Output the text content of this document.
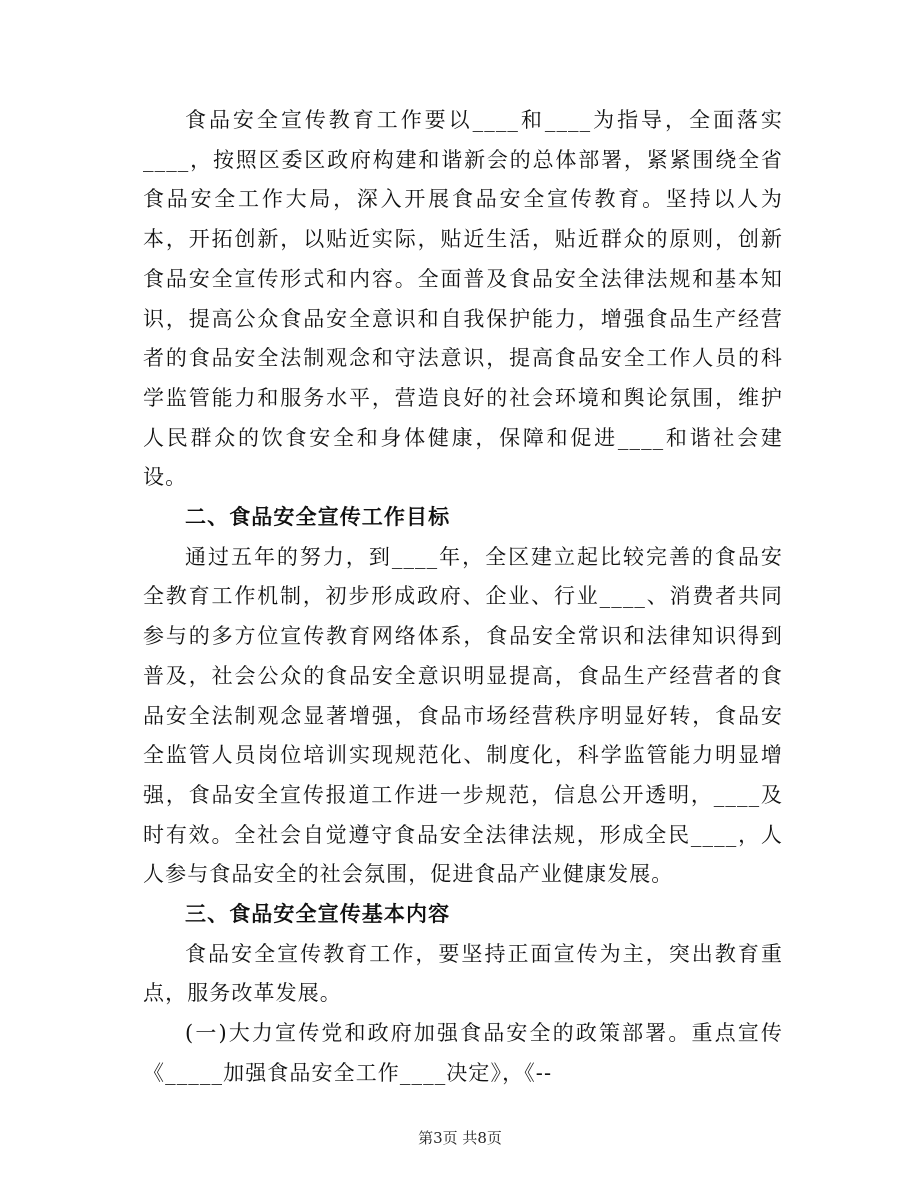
食品安全宣传教育工作要以____和____为指导，全面落实____，按照区委区政府构建和谐新会的总体部署，紧紧围绕全省食品安全工作大局，深入开展食品安全宣传教育。坚持以人为本，开拓创新，以贴近实际，贴近生活，贴近群众的原则，创新食品安全宣传形式和内容。全面普及食品安全法律法规和基本知识，提高公众食品安全意识和自我保护能力，增强食品生产经营者的食品安全法制观念和守法意识，提高食品安全工作人员的科学监管能力和服务水平，营造良好的社会环境和舆论氛围，维护人民群众的饮食安全和身体健康，保障和促进____和谐社会建设。

二、食品安全宣传工作目标

通过五年的努力，到____年，全区建立起比较完善的食品安全教育工作机制，初步形成政府、企业、行业____、消费者共同参与的多方位宣传教育网络体系，食品安全常识和法律知识得到普及，社会公众的食品安全意识明显提高，食品生产经营者的食品安全法制观念显著增强，食品市场经营秩序明显好转，食品安全监管人员岗位培训实现规范化、制度化，科学监管能力明显增强，食品安全宣传报道工作进一步规范，信息公开透明，____及时有效。全社会自觉遵守食品安全法律法规，形成全民____，人人参与食品安全的社会氛围，促进食品产业健康发展。

三、食品安全宣传基本内容

食品安全宣传教育工作，要坚持正面宣传为主，突出教育重点，服务改革发展。

(一)大力宣传党和政府加强食品安全的政策部署。重点宣传《_____加强食品安全工作____决定》，《--

第3页 共8页
